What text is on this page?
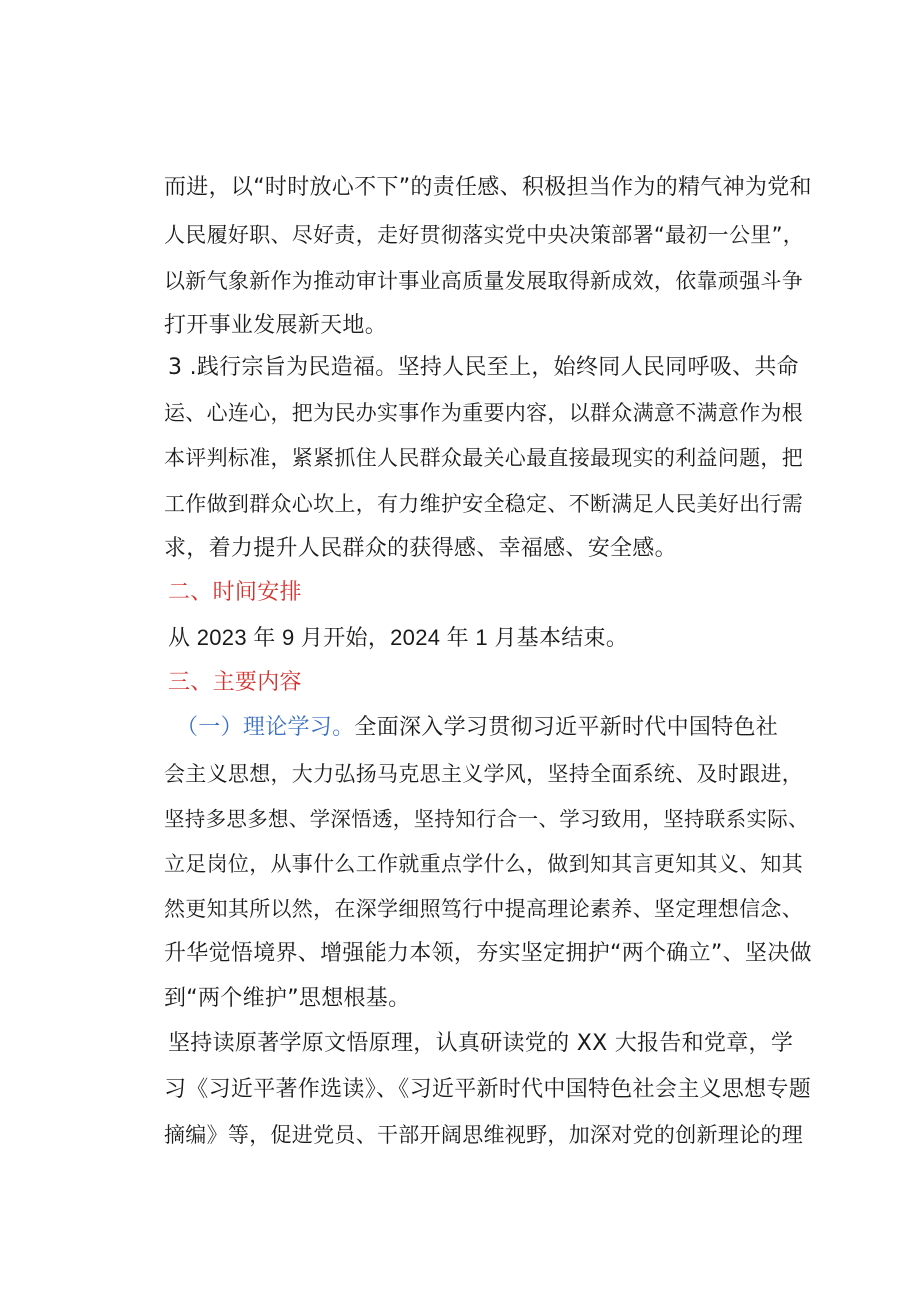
而进，以“时时放心不下”的责任感、积极担当作为的精气神为党和
人民履好职、尽好责，走好贯彻落实党中央决策部署“最初一公里”，
以新气象新作为推动审计事业高质量发展取得新成效，依靠顽强斗争
打开事业发展新天地。
3 .践行宗旨为民造福。坚持人民至上，始终同人民同呼吸、共命
运、心连心，把为民办实事作为重要内容，以群众满意不满意作为根
本评判标准，紧紧抓住人民群众最关心最直接最现实的利益问题，把
工作做到群众心坎上，有力维护安全稳定、不断满足人民美好出行需
求，着力提升人民群众的获得感、幸福感、安全感。
二、时间安排
从 2023 年 9 月开始，2024 年 1 月基本结束。
三、主要内容
（一）理论学习。全面深入学习贯彻习近平新时代中国特色社
会主义思想，大力弘扬马克思主义学风，坚持全面系统、及时跟进，
坚持多思多想、学深悟透，坚持知行合一、学习致用，坚持联系实际、
立足岗位，从事什么工作就重点学什么，做到知其言更知其义、知其
然更知其所以然，在深学细照笃行中提高理论素养、坚定理想信念、
升华觉悟境界、增强能力本领，夯实坚定拥护“两个确立”、坚决做
到“两个维护”思想根基。
坚持读原著学原文悟原理，认真研读党的 XX 大报告和党章，学
习《习近平著作选读》、《习近平新时代中国特色社会主义思想专题
摘编》等，促进党员、干部开阔思维视野，加深对党的创新理论的理
